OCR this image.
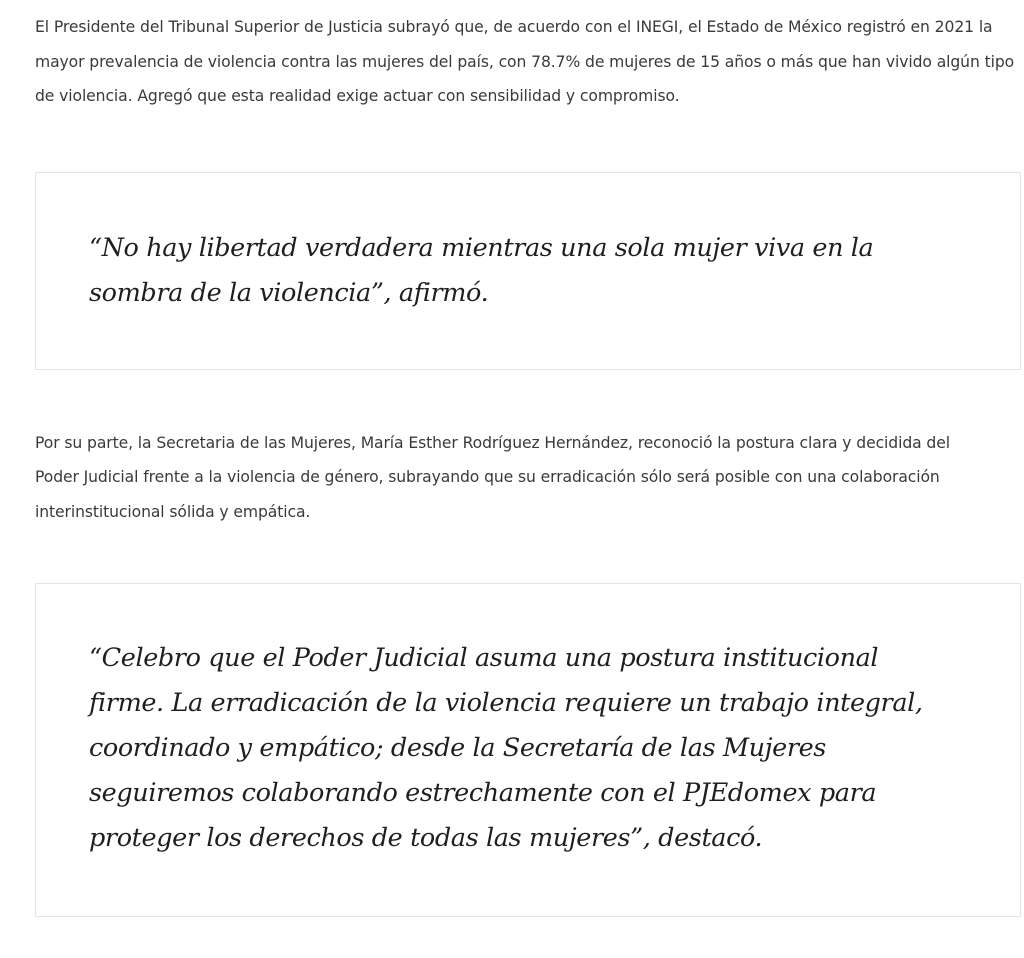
El Presidente del Tribunal Superior de Justicia subrayó que, de acuerdo con el INEGI, el Estado de México registró en 2021 la mayor prevalencia de violencia contra las mujeres del país, con 78.7% de mujeres de 15 años o más que han vivido algún tipo de violencia. Agregó que esta realidad exige actuar con sensibilidad y compromiso.

“No hay libertad verdadera mientras una sola mujer viva en la sombra de la violencia”, afirmó.

Por su parte, la Secretaria de las Mujeres, María Esther Rodríguez Hernández, reconoció la postura clara y decidida del Poder Judicial frente a la violencia de género, subrayando que su erradicación sólo será posible con una colaboración interinstitucional sólida y empática.

“Celebro que el Poder Judicial asuma una postura institucional firme. La erradicación de la violencia requiere un trabajo integral, coordinado y empático; desde la Secretaría de las Mujeres seguiremos colaborando estrechamente con el PJEdomex para proteger los derechos de todas las mujeres”, destacó.
